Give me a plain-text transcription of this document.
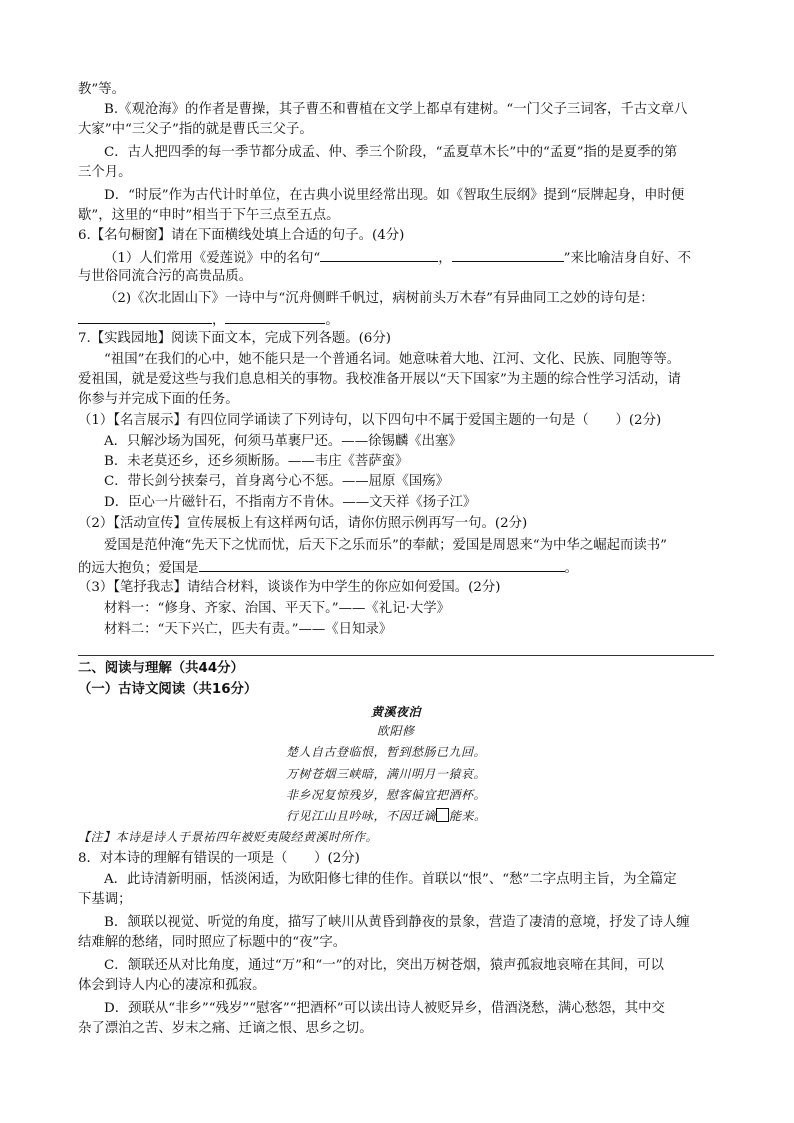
教”等。
B.《观沧海》的作者是曹操，其子曹丕和曹植在文学上都卓有建树。“一门父子三词客，千古文章八
大家”中“三父子”指的就是曹氏三父子。
C．古人把四季的每一季节都分成孟、仲、季三个阶段，“孟夏草木长”中的“孟夏”指的是夏季的第
三个月。
D．“时辰”作为古代计时单位，在古典小说里经常出现。如《智取生辰纲》提到“辰牌起身，申时便
歇”，这里的“申时”相当于下午三点至五点。
6.【名句橱窗】请在下面横线处填上合适的句子。(4分)
（1）人们常用《爱莲说》中的名句“	，	”来比喻洁身自好、不
与世俗同流合污的高贵品质。
（2)《次北固山下》一诗中与“沉舟侧畔千帆过，病树前头万木春”有异曲同工之妙的诗句是：
，	。
7.【实践园地】阅读下面文本，完成下列各题。(6分)
“祖国”在我们的心中，她不能只是一个普通名词。她意味着大地、江河、文化、民族、同胞等等。
爱祖国，就是爱这些与我们息息相关的事物。我校准备开展以“天下国家”为主题的综合性学习活动，请
你参与并完成下面的任务。
（1）【名言展示】有四位同学诵读了下列诗句，以下四句中不属于爱国主题的一句是（　　）(2分)
A．只解沙场为国死，何须马革裹尸还。——徐锡麟《出塞》
B．未老莫还乡，还乡须断肠。——韦庄《菩萨蛮》
C．带长剑兮挟秦弓，首身离兮心不惩。——屈原《国殇》
D．臣心一片磁针石，不指南方不肯休。——文天祥《扬子江》
（2）【活动宣传】宣传展板上有这样两句话，请你仿照示例再写一句。(2分)
爱国是范仲淹“先天下之忧而忧，后天下之乐而乐”的奉献；爱国是周恩来“为中华之崛起而读书”
的远大抱负；爱国是	。
（3）【笔抒我志】请结合材料，谈谈作为中学生的你应如何爱国。(2分)
材料一：“修身、齐家、治国、平天下。”——《礼记·大学》
材料二：“天下兴亡，匹夫有责。”——《日知录》
二、阅读与理解（共44分）
（一）古诗文阅读（共16分）
黄溪夜泊
欧阳修
楚人自古登临恨，暂到愁肠已九回。
万树苍烟三峡暗，满川明月一猿哀。
非乡况复惊残岁，慰客偏宜把酒杯。
行见江山且吟咏，不因迁谪 能来。
【注】本诗是诗人于景祐四年被贬夷陵经黄溪时所作。
8．对本诗的理解有错误的一项是（　　）(2分)
A．此诗清新明丽，恬淡闲适，为欧阳修七律的佳作。首联以“恨”、“愁”二字点明主旨，为全篇定
下基调；
B．颔联以视觉、听觉的角度，描写了峡川从黄昏到静夜的景象，营造了凄清的意境，抒发了诗人缠
结难解的愁绪，同时照应了标题中的“夜”字。
C．颔联还从对比角度，通过“万”和“一”的对比，突出万树苍烟，猿声孤寂地哀啼在其间，可以
体会到诗人内心的凄凉和孤寂。
D．颈联从“非乡”“残岁”“慰客”“把酒杯”可以读出诗人被贬异乡，借酒浇愁，满心愁怨，其中交
杂了漂泊之苦、岁末之痛、迁谪之恨、思乡之切。
